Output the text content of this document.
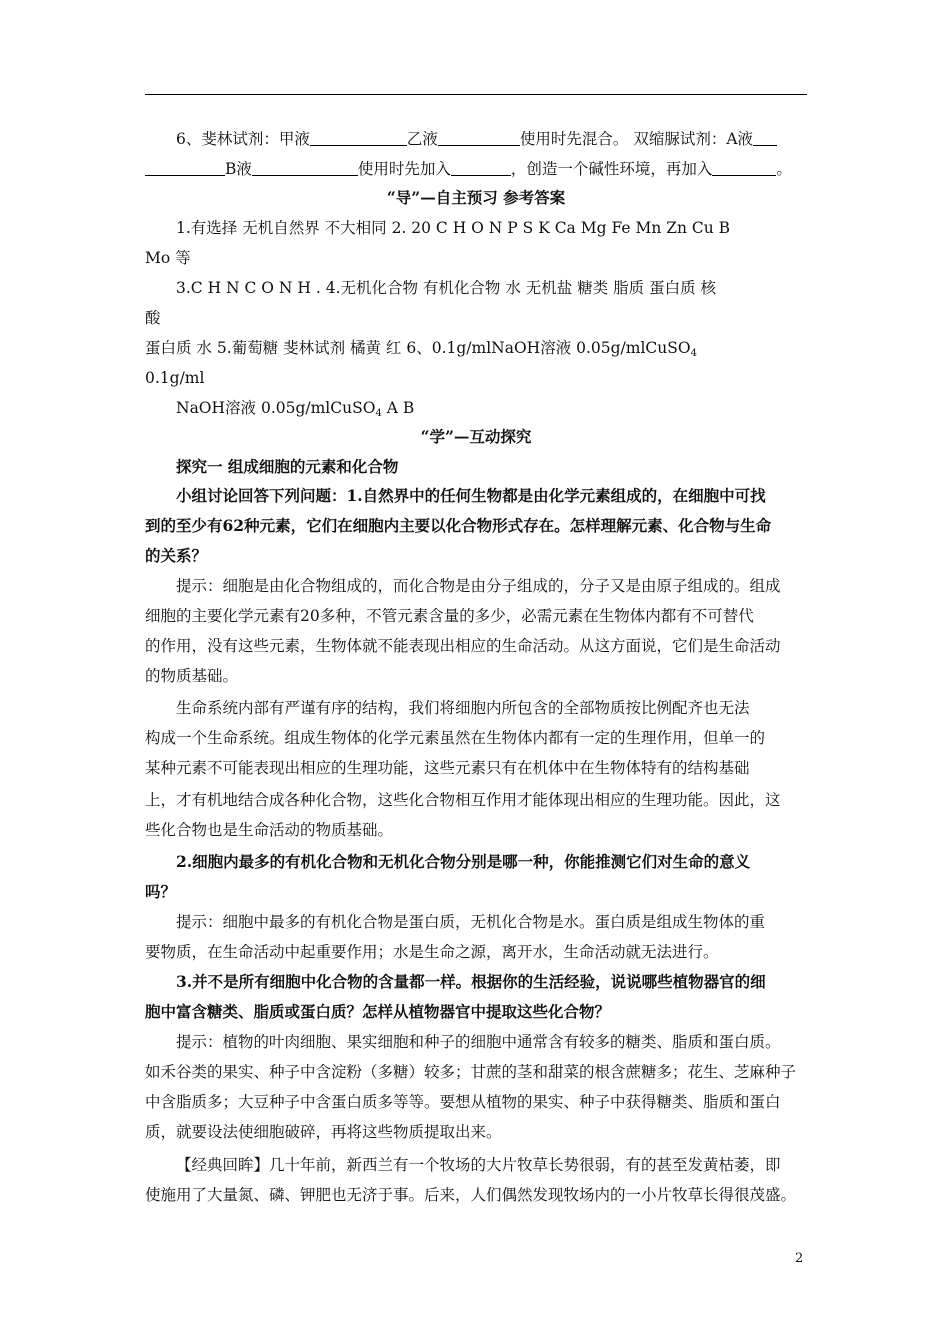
6、斐林试剂：甲液	乙液	使用时先混合。 双缩脲试剂：A液
B液	使用时先加入	，创造一个碱性环境，再加入	。
“导”—自主预习 参考答案
1.有选择 无机自然界 不大相同 2. 20 C H O N P S K Ca Mg Fe Mn Zn Cu B
Mo 等
3.C H N C O N H . 4.无机化合物 有机化合物 水 无机盐 糖类 脂质 蛋白质 核
酸
蛋白质 水 5.葡萄糖 斐林试剂 橘黄 红 6、0.1g/mlNaOH溶液 0.05g/mlCuSO$_4$
0.1g/ml
NaOH溶液 0.05g/mlCuSO$_4$ A B
“学”—互动探究
探究一 组成细胞的元素和化合物
小组讨论回答下列问题：1.自然界中的任何生物都是由化学元素组成的，在细胞中可找
到的至少有62种元素，它们在细胞内主要以化合物形式存在。怎样理解元素、化合物与生命
的关系？
提示：细胞是由化合物组成的，而化合物是由分子组成的，分子又是由原子组成的。组成
细胞的主要化学元素有20多种，不管元素含量的多少，必需元素在生物体内都有不可替代
的作用，没有这些元素，生物体就不能表现出相应的生命活动。从这方面说，它们是生命活动
的物质基础。
生命系统内部有严谨有序的结构，我们将细胞内所包含的全部物质按比例配齐也无法
构成一个生命系统。组成生物体的化学元素虽然在生物体内都有一定的生理作用，但单一的
某种元素不可能表现出相应的生理功能，这些元素只有在机体中在生物体特有的结构基础
上，才有机地结合成各种化合物，这些化合物相互作用才能体现出相应的生理功能。因此，这
些化合物也是生命活动的物质基础。
2.细胞内最多的有机化合物和无机化合物分别是哪一种，你能推测它们对生命的意义
吗？
提示：细胞中最多的有机化合物是蛋白质，无机化合物是水。蛋白质是组成生物体的重
要物质，在生命活动中起重要作用；水是生命之源，离开水，生命活动就无法进行。
3.并不是所有细胞中化合物的含量都一样。根据你的生活经验，说说哪些植物器官的细
胞中富含糖类、脂质或蛋白质？怎样从植物器官中提取这些化合物？
提示：植物的叶肉细胞、果实细胞和种子的细胞中通常含有较多的糖类、脂质和蛋白质。
如禾谷类的果实、种子中含淀粉（多糖）较多；甘蔗的茎和甜菜的根含蔗糖多；花生、芝麻种子
中含脂质多；大豆种子中含蛋白质多等等。要想从植物的果实、种子中获得糖类、脂质和蛋白
质，就要设法使细胞破碎，再将这些物质提取出来。
【经典回眸】几十年前，新西兰有一个牧场的大片牧草长势很弱，有的甚至发黄枯萎，即
使施用了大量氮、磷、钾肥也无济于事。后来，人们偶然发现牧场内的一小片牧草长得很茂盛。
2
